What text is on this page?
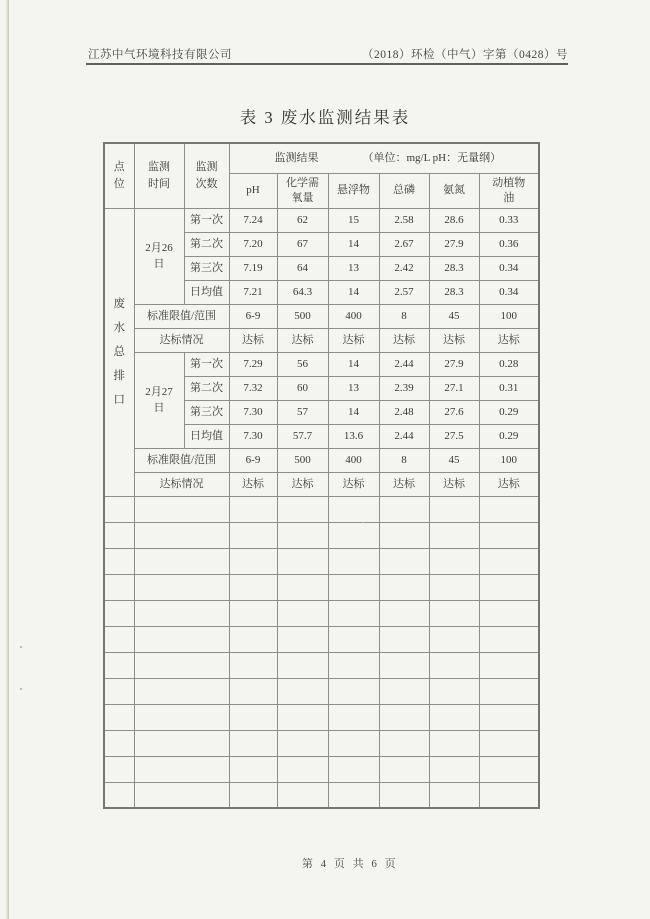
江苏中气环境科技有限公司	（2018）环检（中气）字第（0428）号
表 3 废水监测结果表
点位	监测时间	监测次数	监测结果 （单位：mg/L pH：无量纲）					

			pH	化学需氧量	悬浮物	总磷	氨氮	动植物油
废水总排口	2月26日	第一次	7.24	62	15	2.58	28.6	0.33
		第二次	7.20	67	14	2.67	27.9	0.36
		第三次	7.19	64	13	2.42	28.3	0.34
		日均值	7.21	64.3	14	2.57	28.3	0.34
	标准限值/范围		6-9	500	400	8	45	100
	达标情况		达标	达标	达标	达标	达标	达标
	2月27日	第一次	7.29	56	14	2.44	27.9	0.28
		第二次	7.32	60	13	2.39	27.1	0.31
		第三次	7.30	57	14	2.48	27.6	0.29
		日均值	7.30	57.7	13.6	2.44	27.5	0.29
	标准限值/范围		6-9	500	400	8	45	100
	达标情况		达标	达标	达标	达标	达标	达标

第 4 页 共 6 页
